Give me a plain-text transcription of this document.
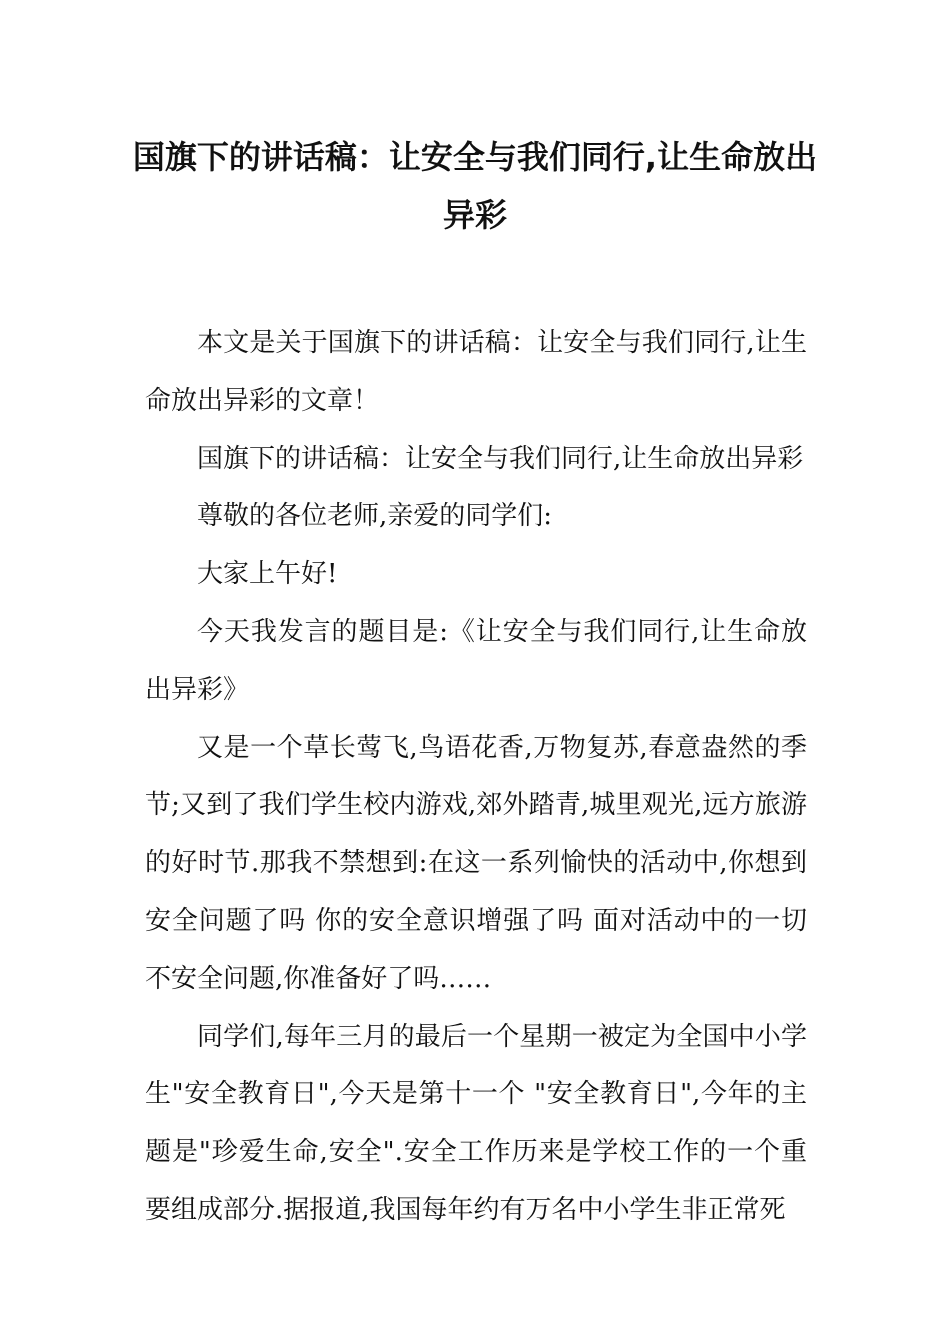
国旗下的讲话稿：让安全与我们同行,让生命放出异彩

本文是关于国旗下的讲话稿：让安全与我们同行,让生命放出异彩的文章！

国旗下的讲话稿：让安全与我们同行,让生命放出异彩

尊敬的各位老师,亲爱的同学们:

大家上午好!

今天我发言的题目是:《让安全与我们同行,让生命放出异彩》

又是一个草长莺飞,鸟语花香,万物复苏,春意盎然的季节;又到了我们学生校内游戏,郊外踏青,城里观光,远方旅游的好时节.那我不禁想到:在这一系列愉快的活动中,你想到安全问题了吗 你的安全意识增强了吗 面对活动中的一切不安全问题,你准备好了吗……

同学们,每年三月的最后一个星期一被定为全国中小学生"安全教育日",今天是第十一个 "安全教育日",今年的主题是"珍爱生命,安全".安全工作历来是学校工作的一个重要组成部分.据报道,我国每年约有万名中小学生非正常死
